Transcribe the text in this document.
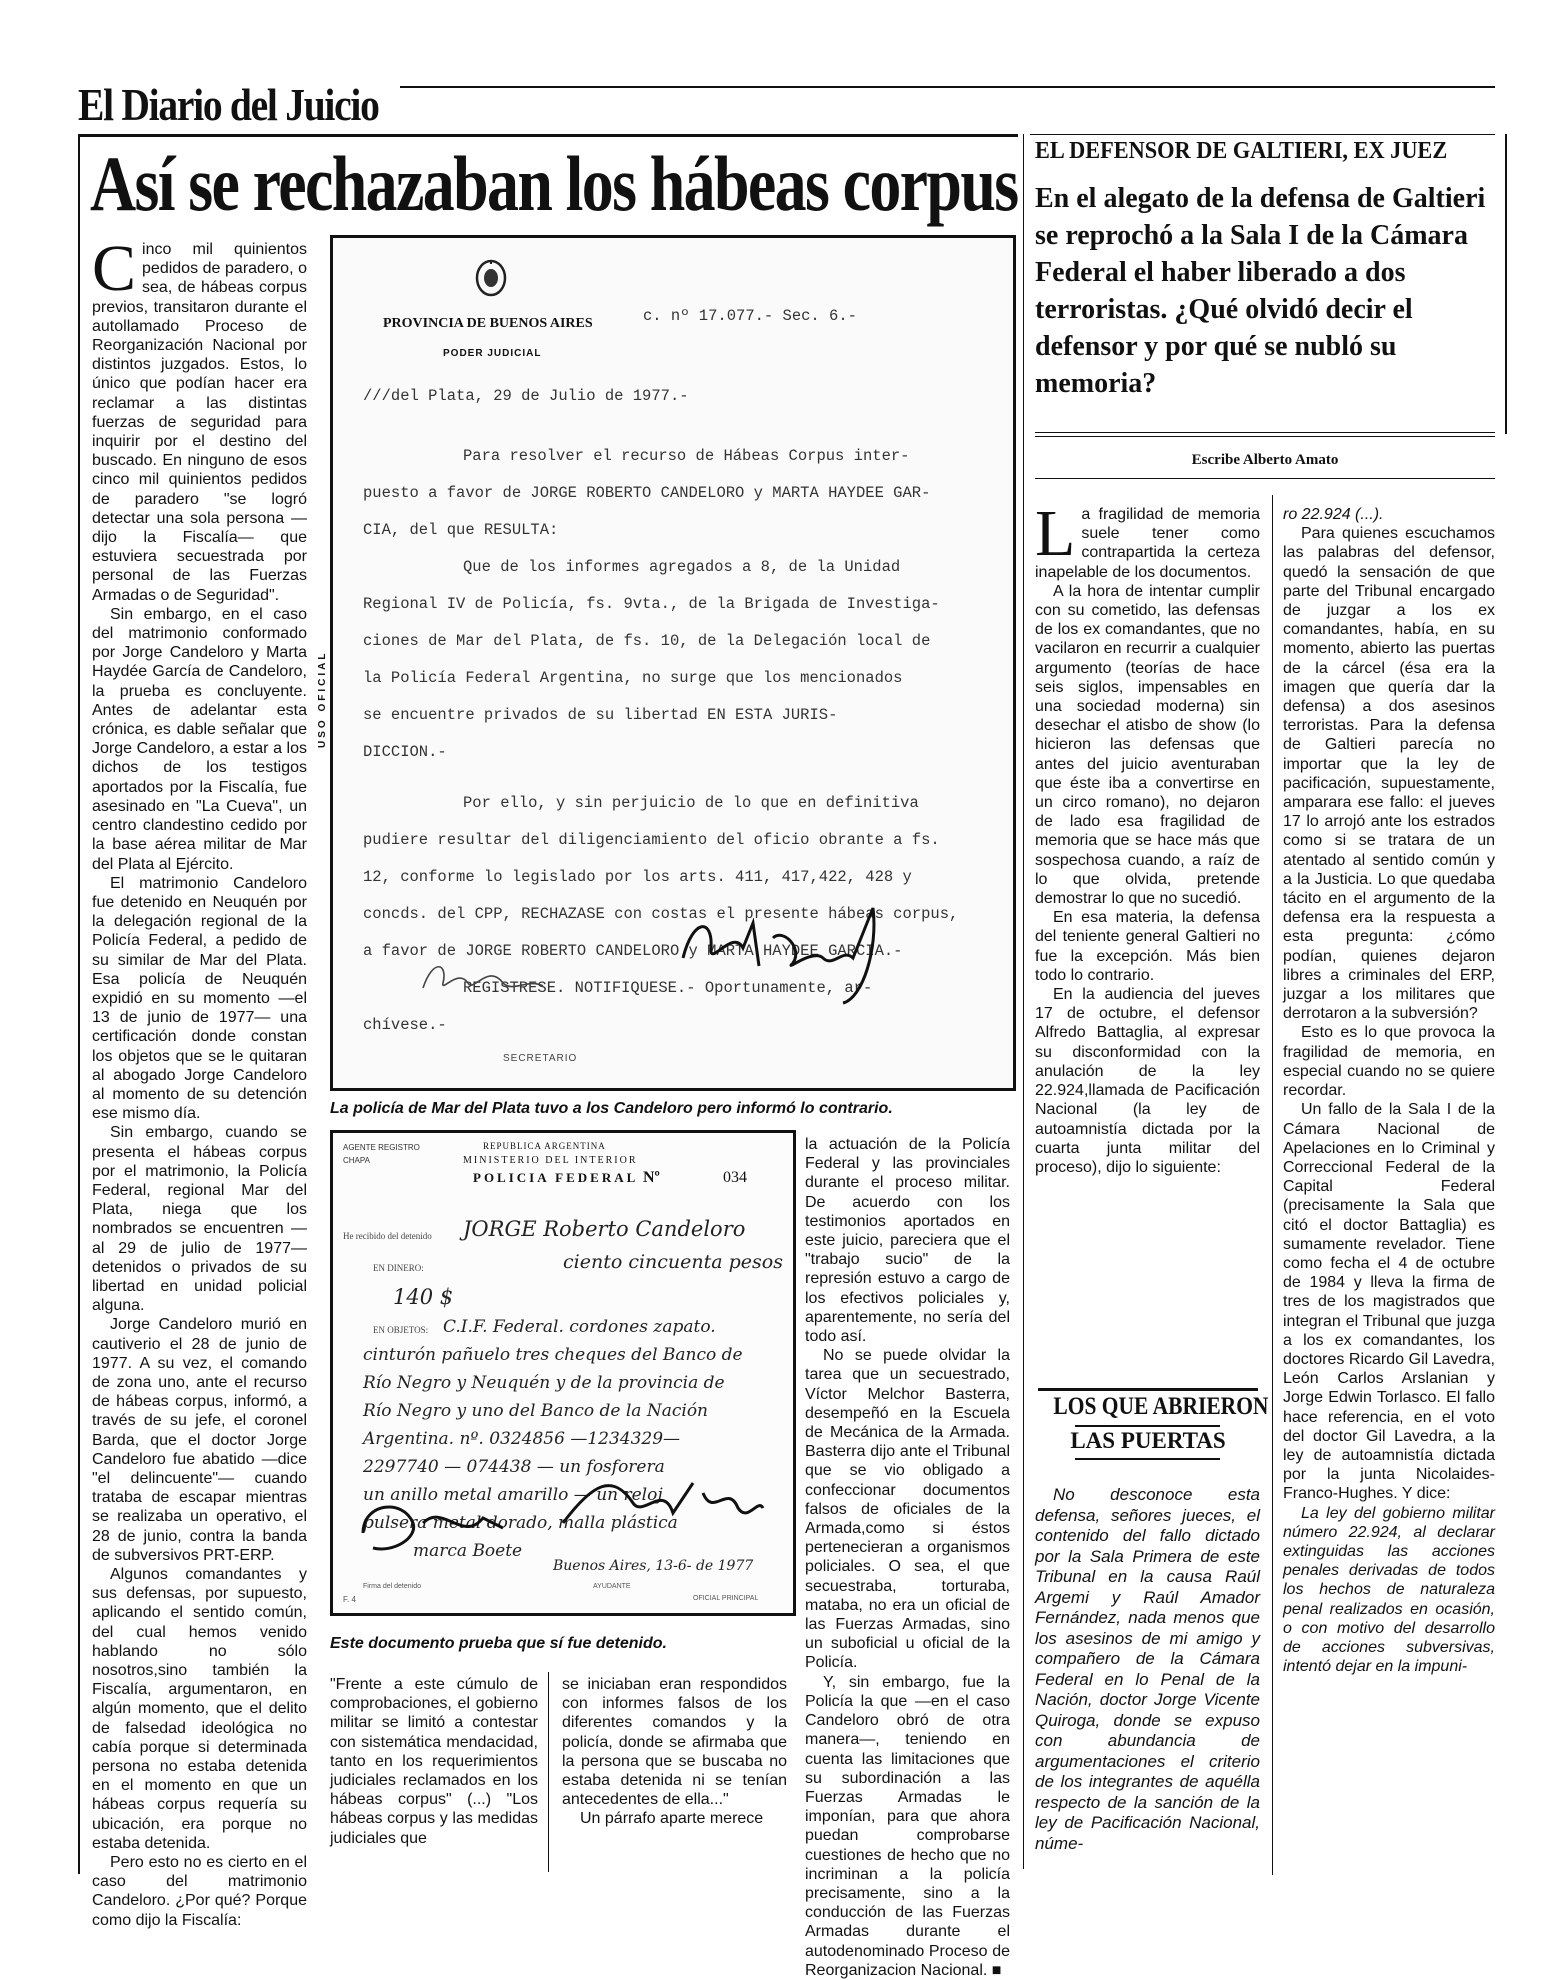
El Diario del Juicio
Así se rechazaban los hábeas corpus

Cinco mil quinientos pedidos de paradero, o sea, de hábeas corpus previos, transitaron durante el autollamado Proceso de Reorganización Nacional por distintos juzgados. Estos, lo único que podían hacer era reclamar a las distintas fuerzas de seguridad para inquirir por el destino del buscado. En ninguno de esos cinco mil quinientos pedidos de paradero "se logró detectar una sola persona —dijo la Fiscalía— que estuviera secuestrada por personal de las Fuerzas Armadas o de Seguridad".

Sin embargo, en el caso del matrimonio conformado por Jorge Candeloro y Marta Haydée García de Candeloro, la prueba es concluyente. Antes de adelantar esta crónica, es dable señalar que Jorge Candeloro, a estar a los dichos de los testigos aportados por la Fiscalía, fue asesinado en "La Cueva", un centro clandestino cedido por la base aérea militar de Mar del Plata al Ejército.

El matrimonio Candeloro fue detenido en Neuquén por la delegación regional de la Policía Federal, a pedido de su similar de Mar del Plata. Esa policía de Neuquén expidió en su momento —el 13 de junio de 1977— una certificación donde constan los objetos que se le quitaran al abogado Jorge Candeloro al momento de su detención ese mismo día.

Sin embargo, cuando se presenta el hábeas corpus por el matrimonio, la Policía Federal, regional Mar del Plata, niega que los nombrados se encuentren —al 29 de julio de 1977— detenidos o privados de su libertad en unidad policial alguna.

Jorge Candeloro murió en cautiverio el 28 de junio de 1977. A su vez, el comando de zona uno, ante el recurso de hábeas corpus, informó, a través de su jefe, el coronel Barda, que el doctor Jorge Candeloro fue abatido —dice "el delincuente"— cuando trataba de escapar mientras se realizaba un operativo, el 28 de junio, contra la banda de subversivos PRT-ERP.

Algunos comandantes y sus defensas, por supuesto, aplicando el sentido común, del cual hemos venido hablando no sólo nosotros,sino también la Fiscalía, argumentaron, en algún momento, que el delito de falsedad ideológica no cabía porque si determinada persona no estaba detenida en el momento en que un hábeas corpus requería su ubicación, era porque no estaba detenida.

Pero esto no es cierto en el caso del matrimonio Candeloro. ¿Por qué? Porque como dijo la Fiscalía:

PROVINCIA DE BUENOS AIRES
PODER JUDICIAL
c. nº 17.077.- Sec. 6.-
///del Plata, 29 de Julio de 1977.-
Para resolver el recurso de Hábeas Corpus inter-
puesto a favor de JORGE ROBERTO CANDELORO y MARTA HAYDEE GAR-
CIA, del que RESULTA:
Que de los informes agregados a 8, de la Unidad
Regional IV de Policía, fs. 9vta., de la Brigada de Investiga-
ciones de Mar del Plata, de fs. 10, de la Delegación local de
la Policía Federal Argentina, no surge que los mencionados
se encuentre privados de su libertad EN ESTA JURIS-
DICCION.-
Por ello, y sin perjuicio de lo que en definitiva
pudiere resultar del diligenciamiento del oficio obrante a fs.
12, conforme lo legislado por los arts. 411, 417,422, 428 y
concds. del CPP, RECHAZASE con costas el presente hábeas corpus,
a favor de JORGE ROBERTO CANDELORO y MARTA HAYDEE GARCIA.-
REGISTRESE. NOTIFIQUESE.- Oportunamente, ar-
chívese.-
USO OFICIAL
SECRETARIO
La policía de Mar del Plata tuvo a los Candeloro pero informó lo contrario.
AGENTE REGISTRO CHAPA
REPUBLICA ARGENTINA
MINISTERIO DEL INTERIOR
POLICIA FEDERAL Nº	034
He recibido del detenido JORGE Roberto Candeloro
EN DINERO:	ciento cincuenta pesos
140 $
EN OBJETOS: C.I.F. Federal. cordones zapato.
cinturón pañuelo tres cheques del Banco de
Río Negro y Neuquén y de la provincia de
Río Negro y uno del Banco de la Nación
Argentina. nº. 0324856 —1234329—
2297740 — 074438 — un fosforera
un anillo metal amarillo — un reloj
pulsera metal dorado, malla plástica
marca Boete
Buenos Aires, 13-6- de 1977
Firma del detenido	AYUDANTE
OFICIAL PRINCIPAL
F. 4
Este documento prueba que sí fue detenido.

la actuación de la Policía Federal y las provinciales durante el proceso militar. De acuerdo con los testimonios aportados en este juicio, pareciera que el "trabajo sucio" de la represión estuvo a cargo de los efectivos policiales y, aparentemente, no sería del todo así.

No se puede olvidar la tarea que un secuestrado, Víctor Melchor Basterra, desempeñó en la Escuela de Mecánica de la Armada. Basterra dijo ante el Tribunal que se vio obligado a confeccionar documentos falsos de oficiales de la Armada,como si éstos pertenecieran a organismos policiales. O sea, el que secuestraba, torturaba, mataba, no era un oficial de las Fuerzas Armadas, sino un suboficial u oficial de la Policía.

Y, sin embargo, fue la Policía la que —en el caso Candeloro obró de otra manera—, teniendo en cuenta las limitaciones que su subordinación a las Fuerzas Armadas le imponían, para que ahora puedan comprobarse cuestiones de hecho que no incriminan a la policía precisamente, sino a la conducción de las Fuerzas Armadas durante el autodenominado Proceso de Reorganizacion Nacional. ■

"Frente a este cúmulo de comprobaciones, el gobierno militar se limitó a contestar con sistemática mendacidad, tanto en los requerimientos judiciales reclamados en los hábeas corpus" (...) "Los hábeas corpus y las medidas judiciales que

se iniciaban eran respondidos con informes falsos de los diferentes comandos y la policía, donde se afirmaba que la persona que se buscaba no estaba detenida ni se tenían antecedentes de ella..."

Un párrafo aparte merece

EL DEFENSOR DE GALTIERI, EX JUEZ
En el alegato de la defensa de Galtieri se reprochó a la Sala I de la Cámara Federal el haber liberado a dos terroristas. ¿Qué olvidó decir el defensor y por qué se nubló su memoria?
Escribe Alberto Amato

La fragilidad de memoria suele tener como contrapartida la certeza inapelable de los documentos.

A la hora de intentar cumplir con su cometido, las defensas de los ex comandantes, que no vacilaron en recurrir a cualquier argumento (teorías de hace seis siglos, impensables en una sociedad moderna) sin desechar el atisbo de show (lo hicieron las defensas que antes del juicio aventuraban que éste iba a convertirse en un circo romano), no dejaron de lado esa fragilidad de memoria que se hace más que sospechosa cuando, a raíz de lo que olvida, pretende demostrar lo que no sucedió.

En esa materia, la defensa del teniente general Galtieri no fue la excepción. Más bien todo lo contrario.

En la audiencia del jueves 17 de octubre, el defensor Alfredo Battaglia, al expresar su disconformidad con la anulación de la ley 22.924,llamada de Pacificación Nacional (la ley de autoamnistía dictada por la cuarta junta militar del proceso), dijo lo siguiente:

LOS QUE ABRIERON
LAS PUERTAS

No desconoce esta defensa, señores jueces, el contenido del fallo dictado por la Sala Primera de este Tribunal en la causa Raúl Argemi y Raúl Amador Fernández, nada menos que los asesinos de mi amigo y compañero de la Cámara Federal en lo Penal de la Nación, doctor Jorge Vicente Quiroga, donde se expuso con abundancia de argumentaciones el criterio de los integrantes de aquélla respecto de la sanción de la ley de Pacificación Nacional, núme-

ro 22.924 (...).

Para quienes escuchamos las palabras del defensor, quedó la sensación de que parte del Tribunal encargado de juzgar a los ex comandantes, había, en su momento, abierto las puertas de la cárcel (ésa era la imagen que quería dar la defensa) a dos asesinos terroristas. Para la defensa de Galtieri parecía no importar que la ley de pacificación, supuestamente, amparara ese fallo: el jueves 17 lo arrojó ante los estrados como si se tratara de un atentado al sentido común y a la Justicia. Lo que quedaba tácito en el argumento de la defensa era la respuesta a esta pregunta: ¿cómo podían, quienes dejaron libres a criminales del ERP, juzgar a los militares que derrotaron a la subversión?

Esto es lo que provoca la fragilidad de memoria, en especial cuando no se quiere recordar.

Un fallo de la Sala I de la Cámara Nacional de Apelaciones en lo Criminal y Correccional Federal de la Capital Federal (precisamente la Sala que citó el doctor Battaglia) es sumamente revelador. Tiene como fecha el 4 de octubre de 1984 y lleva la firma de tres de los magistrados que integran el Tribunal que juzga a los ex comandantes, los doctores Ricardo Gil Lavedra, León Carlos Arslanian y Jorge Edwin Torlasco. El fallo hace referencia, en el voto del doctor Gil Lavedra, a la ley de autoamnistía dictada por la junta Nicolaides-Franco-Hughes. Y dice:

La ley del gobierno militar número 22.924, al declarar extinguidas las acciones penales derivadas de todos los hechos de naturaleza penal realizados en ocasión, o con motivo del desarrollo de acciones subversivas, intentó dejar en la impuni-
